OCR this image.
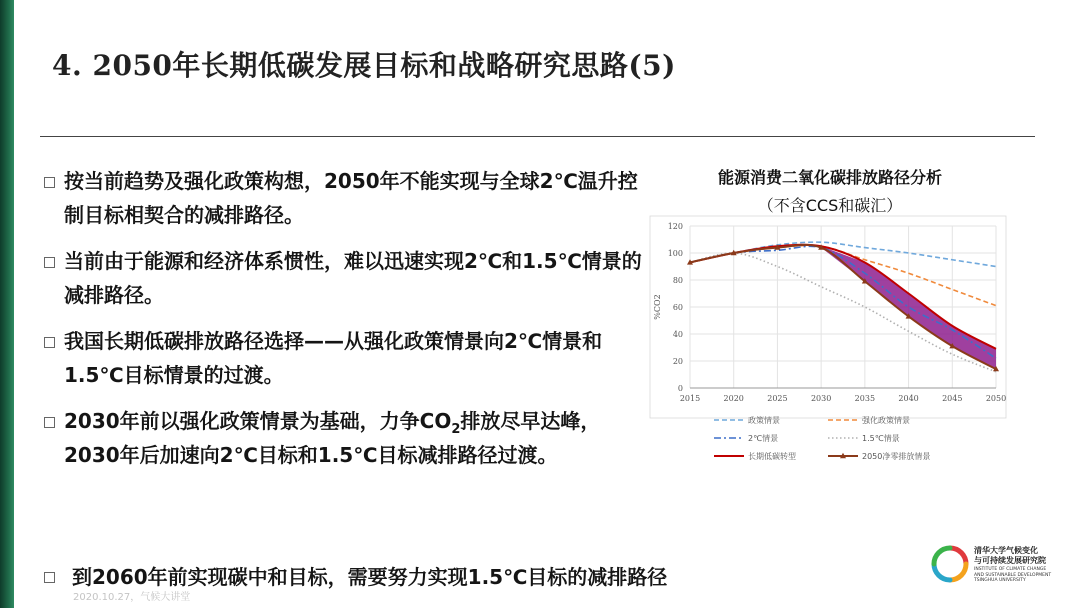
4. 2050年长期低碳发展目标和战略研究思路(5)
按当前趋势及强化政策构想，2050年不能实现与全球2℃温升控制目标相契合的减排路径。
当前由于能源和经济体系惯性，难以迅速实现2℃和1.5℃情景的减排路径。
我国长期低碳排放路径选择——从强化政策情景向2℃情景和1.5℃目标情景的过渡。
2030年前以强化政策情景为基础，力争$CO_2$排放尽早达峰，2030年后加速向2℃目标和1.5℃目标减排路径过渡。
到2060年前实现碳中和目标，需要努力实现1.5℃目标的减排路径
2020.10.27，气候大讲堂
能源消费二氧化碳排放路径分析
（不含CCS和碳汇）
0
20
40
60
80
100
120
2015	2020	2025	2030	2035	2040	2045	2050
%CO2
政策情景	强化政策情景
2℃情景	1.5℃情景
长期低碳转型	2050净零排放情景
清华大学气候变化
与可持续发展研究院
INSTITUTE OF CLIMATE CHANGE
AND SUSTAINABLE DEVELOPMENT
TSINGHUA UNIVERSITY
